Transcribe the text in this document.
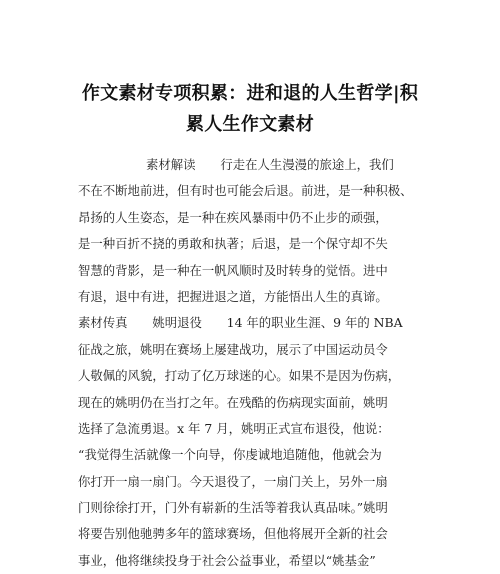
作文素材专项积累：进和退的人生哲学|积
累人生作文素材
素材解读　　行走在人生漫漫的旅途上，我们
不在不断地前进，但有时也可能会后退。前进，是一种积极、
昂扬的人生姿态，是一种在疾风暴雨中仍不止步的顽强，
是一种百折不挠的勇敢和执著；后退，是一个保守却不失
智慧的背影，是一种在一帆风顺时及时转身的觉悟。进中
有退，退中有进，把握进退之道，方能悟出人生的真谛。
素材传真　　姚明退役　　14 年的职业生涯、9 年的 NBA
征战之旅，姚明在赛场上屡建战功，展示了中国运动员令
人敬佩的风貌，打动了亿万球迷的心。如果不是因为伤病，
现在的姚明仍在当打之年。在残酷的伤病现实面前，姚明
选择了急流勇退。x 年 7 月，姚明正式宣布退役，他说：
“我觉得生活就像一个向导，你虔诚地追随他，他就会为
你打开一扇一扇门。今天退役了，一扇门关上，另外一扇
门则徐徐打开，门外有崭新的生活等着我认真品味。”姚明
将要告别他驰骋多年的篮球赛场，但他将展开全新的社会
事业，他将继续投身于社会公益事业，希望以“姚基金”
